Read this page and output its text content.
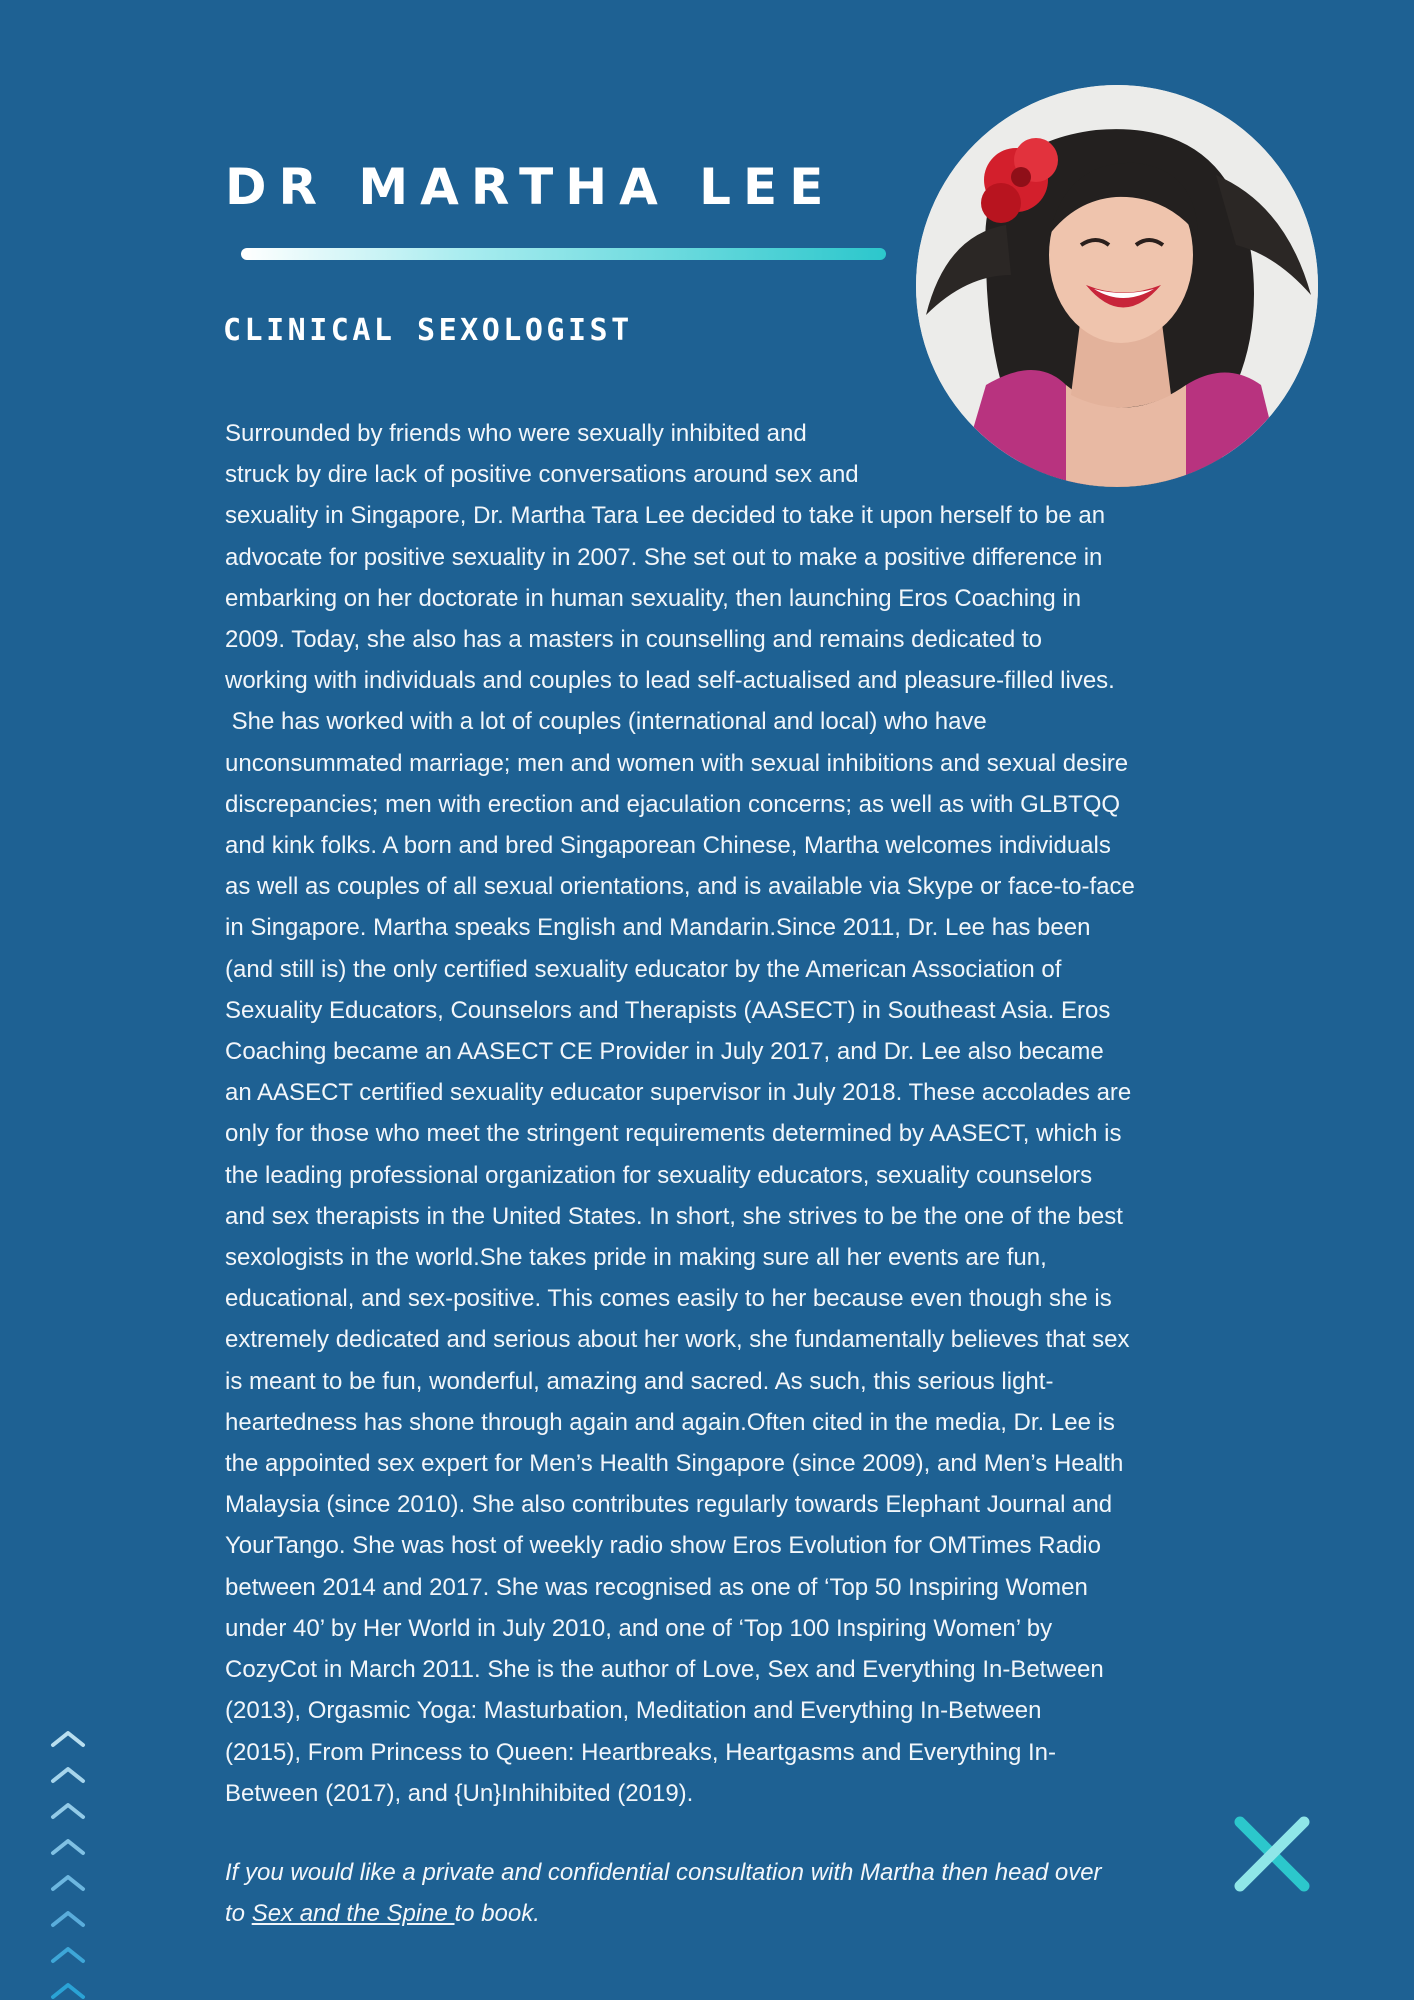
DR MARTHA LEE
CLINICAL SEXOLOGIST
Surrounded by friends who were sexually inhibited and
struck by dire lack of positive conversations around sex and
sexuality in Singapore, Dr. Martha Tara Lee decided to take it upon herself to be an
advocate for positive sexuality in 2007. She set out to make a positive difference in
embarking on her doctorate in human sexuality, then launching Eros Coaching in
2009. Today, she also has a masters in counselling and remains dedicated to
working with individuals and couples to lead self-actualised and pleasure-filled lives.
She has worked with a lot of couples (international and local) who have
unconsummated marriage; men and women with sexual inhibitions and sexual desire
discrepancies; men with erection and ejaculation concerns; as well as with GLBTQQ
and kink folks. A born and bred Singaporean Chinese, Martha welcomes individuals
as well as couples of all sexual orientations, and is available via Skype or face-to-face
in Singapore. Martha speaks English and Mandarin.Since 2011, Dr. Lee has been
(and still is) the only certified sexuality educator by the American Association of
Sexuality Educators, Counselors and Therapists (AASECT) in Southeast Asia. Eros
Coaching became an AASECT CE Provider in July 2017, and Dr. Lee also became
an AASECT certified sexuality educator supervisor in July 2018. These accolades are
only for those who meet the stringent requirements determined by AASECT, which is
the leading professional organization for sexuality educators, sexuality counselors
and sex therapists in the United States. In short, she strives to be the one of the best
sexologists in the world.She takes pride in making sure all her events are fun,
educational, and sex-positive. This comes easily to her because even though she is
extremely dedicated and serious about her work, she fundamentally believes that sex
is meant to be fun, wonderful, amazing and sacred. As such, this serious light-
heartedness has shone through again and again.Often cited in the media, Dr. Lee is
the appointed sex expert for Men’s Health Singapore (since 2009), and Men’s Health
Malaysia (since 2010). She also contributes regularly towards Elephant Journal and
YourTango. She was host of weekly radio show Eros Evolution for OMTimes Radio
between 2014 and 2017. She was recognised as one of ‘Top 50 Inspiring Women
under 40’ by Her World in July 2010, and one of ‘Top 100 Inspiring Women’ by
CozyCot in March 2011. She is the author of Love, Sex and Everything In-Between
(2013), Orgasmic Yoga: Masturbation, Meditation and Everything In-Between
(2015), From Princess to Queen: Heartbreaks, Heartgasms and Everything In-
Between (2017), and {Un}Inhihibited (2019).
If you would like a private and confidential consultation with Martha then head over
to Sex and the Spine to book.
